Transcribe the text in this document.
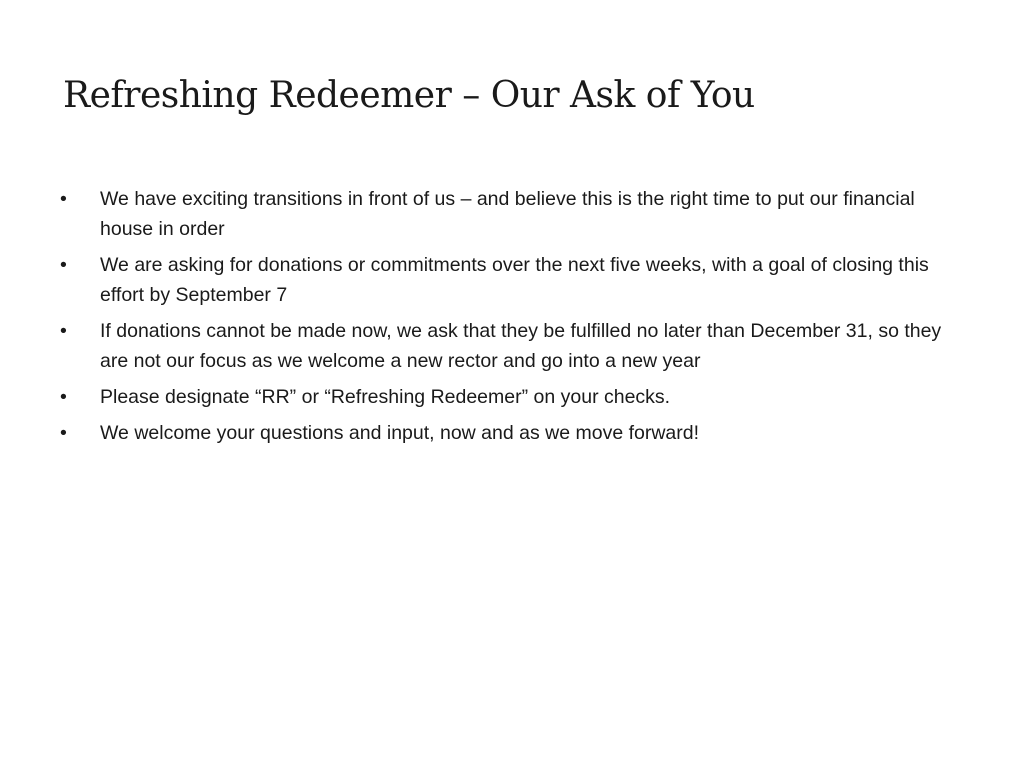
Refreshing Redeemer – Our Ask of You
•	We have exciting transitions in front of us – and believe this is the right time to put our financial house in order
•	We are asking for donations or commitments over the next five weeks, with a goal of closing this effort by September 7
•	If donations cannot be made now, we ask that they be fulfilled no later than December 31, so they are not our focus as we welcome a new rector and go into a new year
•	Please designate “RR” or “Refreshing Redeemer” on your checks.
•	We welcome your questions and input, now and as we move forward!
